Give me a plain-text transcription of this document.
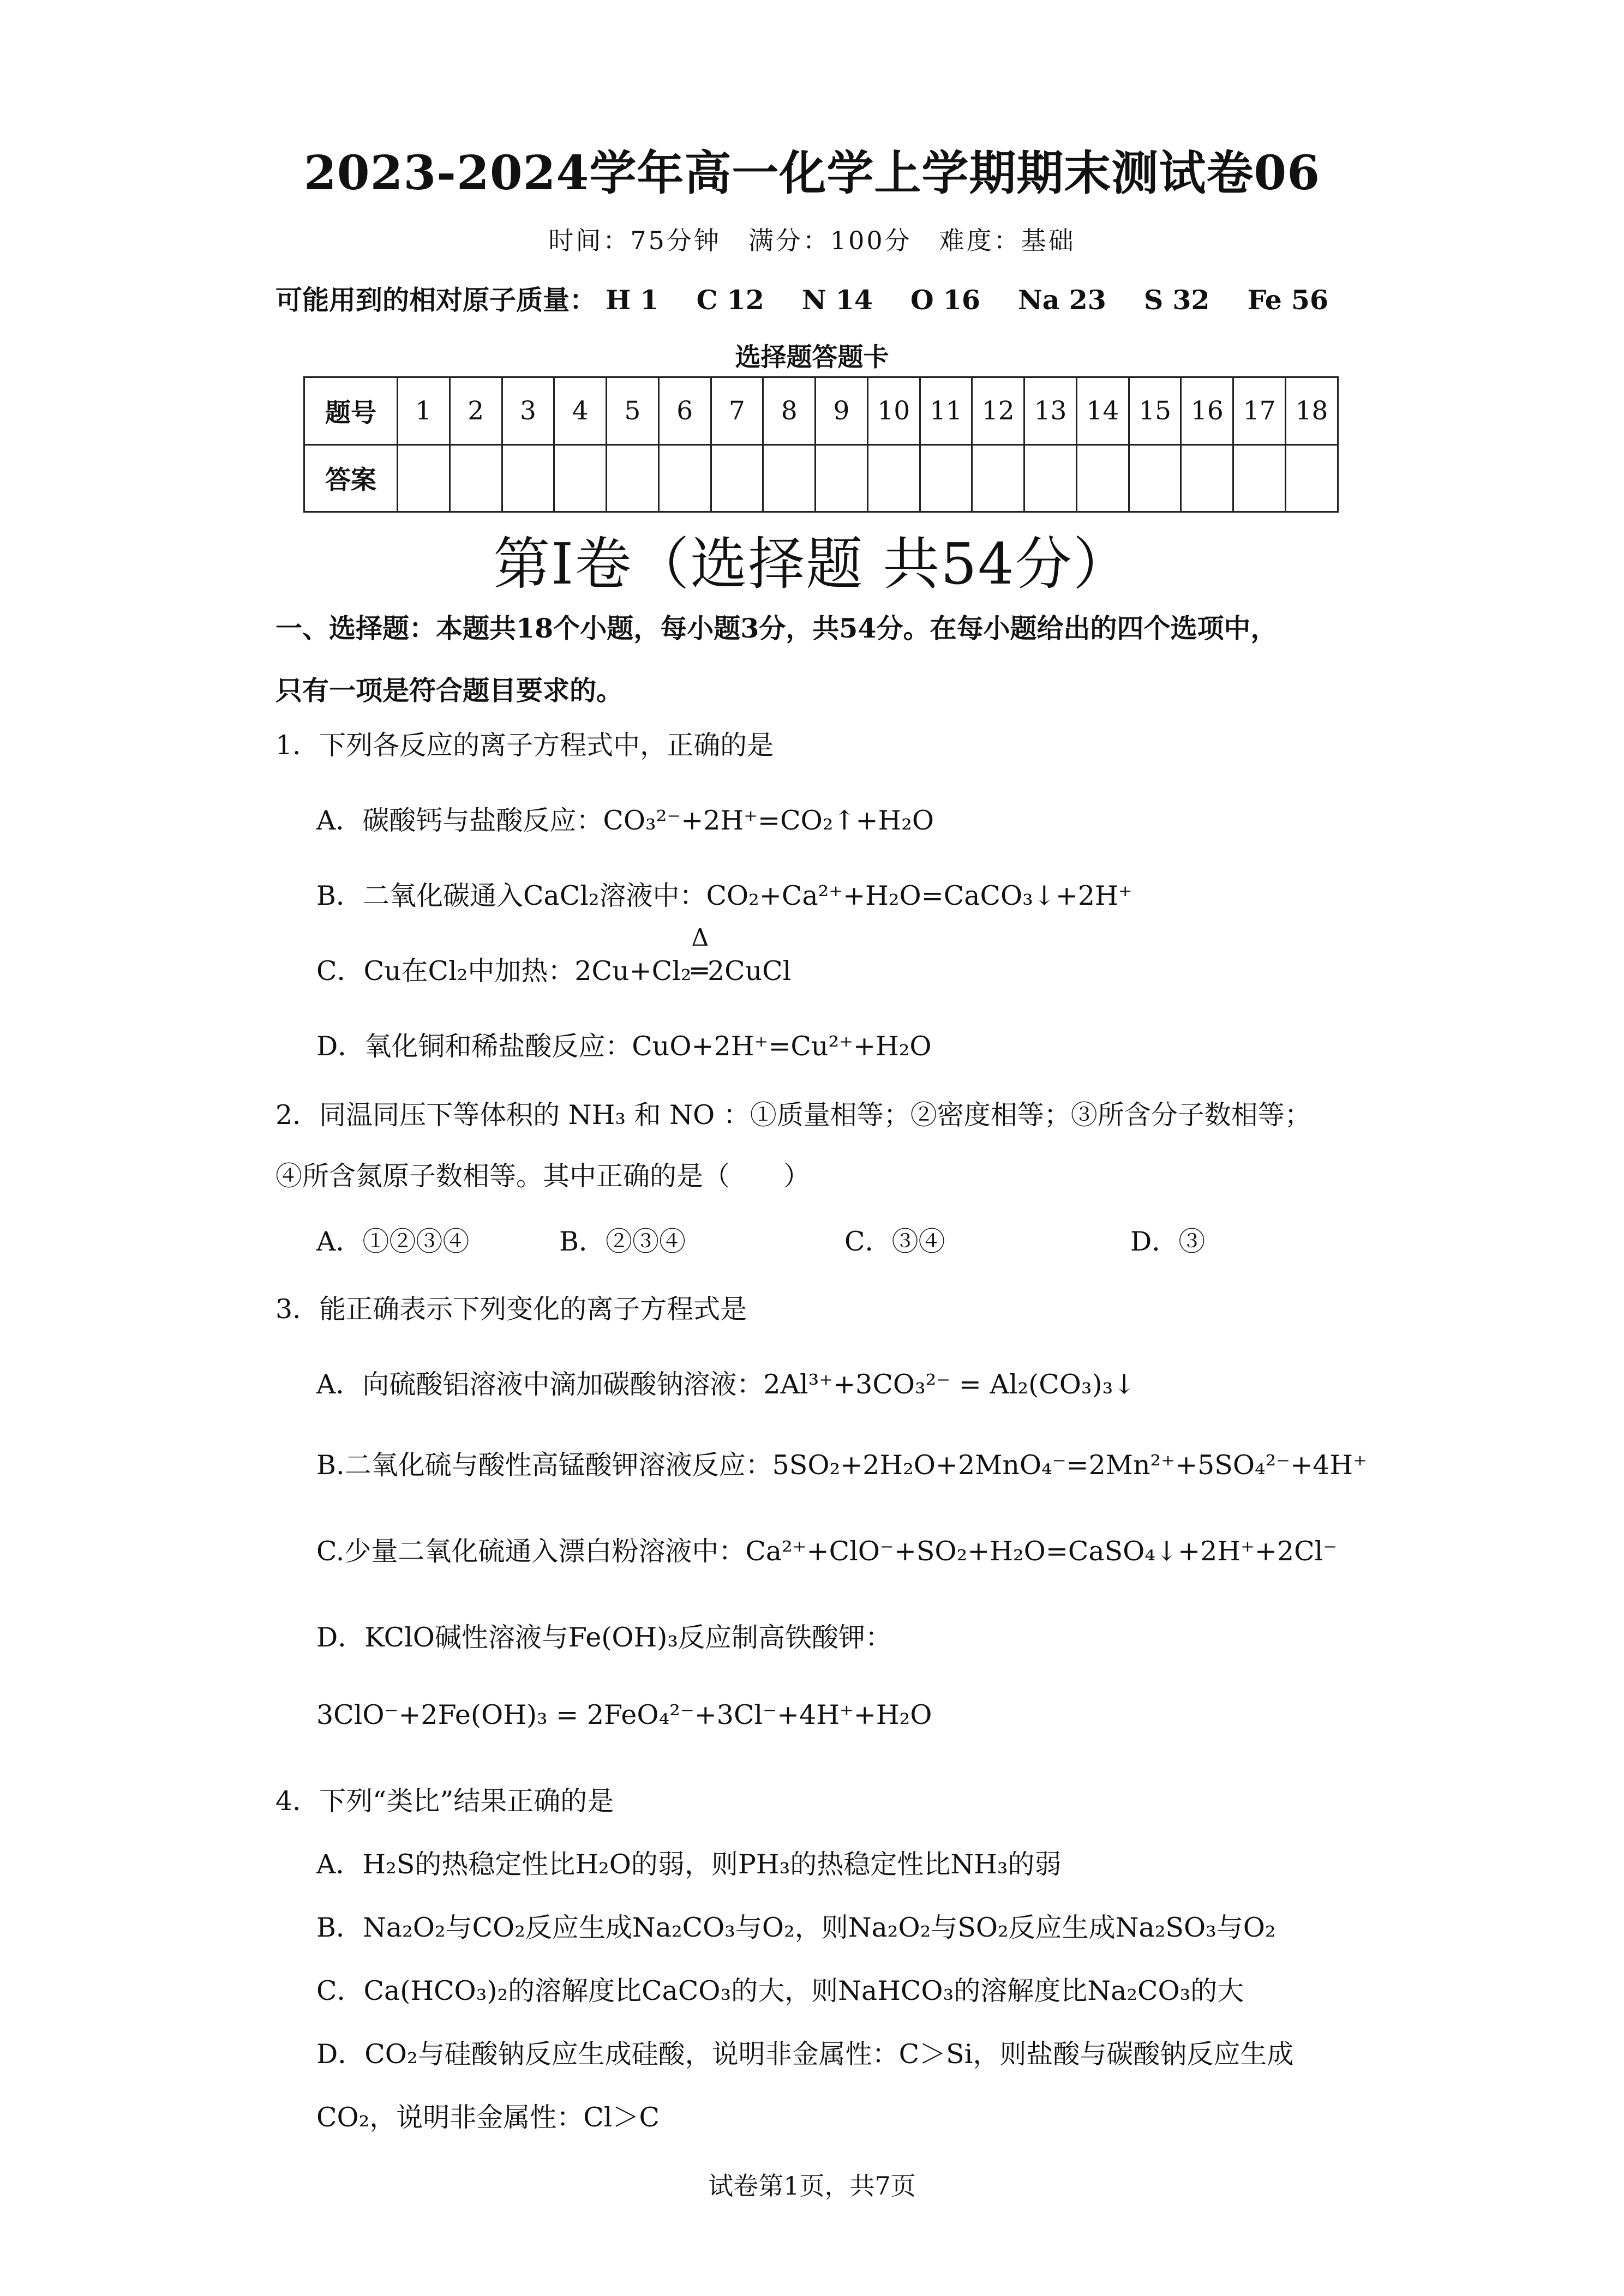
2023-2024学年高一化学上学期期末测试卷06
时间：75分钟　满分：100分　难度：基础
可能用到的相对原子质量： H 1 C 12 N 14 O 16 Na 23 S 32 Fe 56
选择题答题卡
题号	1	2	3	4	5	6	7	8	9	10	11	12	13	14	15	16	17	18
答案																		
第Ⅰ卷（选择题 共54分）
一、选择题：本题共18个小题，每小题3分，共54分。在每小题给出的四个选项中，
只有一项是符合题目要求的。
1．下列各反应的离子方程式中，正确的是
A．碳酸钙与盐酸反应：CO₃²⁻+2H⁺=CO₂↑+H₂O
B．二氧化碳通入CaCl₂溶液中：CO₂+Ca²⁺+H₂O=CaCO₃↓+2H⁺
C．Cu在Cl₂中加热：2Cu+Cl₂
Δ
═2CuCl
D．氧化铜和稀盐酸反应：CuO+2H⁺=Cu²⁺+H₂O
2．同温同压下等体积的 NH₃ 和 NO ：①质量相等；②密度相等；③所含分子数相等；
④所含氮原子数相等。其中正确的是（　　）
A．①②③④	B．②③④	C．③④	D．③
3．能正确表示下列变化的离子方程式是
A．向硫酸铝溶液中滴加碳酸钠溶液：2Al³⁺+3CO₃²⁻ = Al₂(CO₃)₃↓
B.二氧化硫与酸性高锰酸钾溶液反应：5SO₂+2H₂O+2MnO₄⁻=2Mn²⁺+5SO₄²⁻+4H⁺
C.少量二氧化硫通入漂白粉溶液中：Ca²⁺+ClO⁻+SO₂+H₂O=CaSO₄↓+2H⁺+2Cl⁻
D．KClO碱性溶液与Fe(OH)₃反应制高铁酸钾：
3ClO⁻+2Fe(OH)₃ = 2FeO₄²⁻+3Cl⁻+4H⁺+H₂O
4．下列“类比”结果正确的是
A．H₂S的热稳定性比H₂O的弱，则PH₃的热稳定性比NH₃的弱
B．Na₂O₂与CO₂反应生成Na₂CO₃与O₂，则Na₂O₂与SO₂反应生成Na₂SO₃与O₂
C．Ca(HCO₃)₂的溶解度比CaCO₃的大，则NaHCO₃的溶解度比Na₂CO₃的大
D．CO₂与硅酸钠反应生成硅酸，说明非金属性：C＞Si，则盐酸与碳酸钠反应生成
CO₂，说明非金属性：Cl＞C
试卷第1页，共7页
